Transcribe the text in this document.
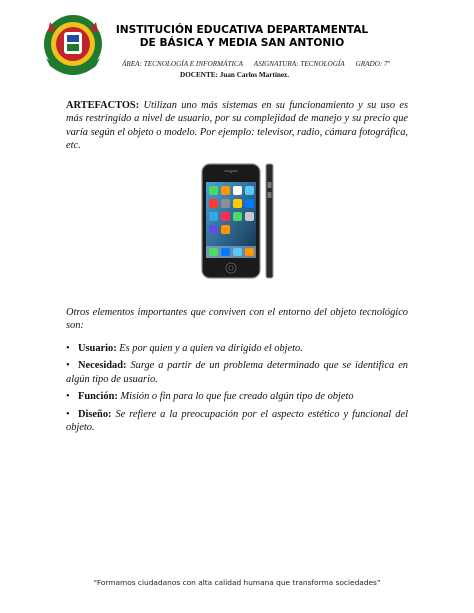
INSTITUCIÓN EDUCATIVA DEPARTAMENTAL
DE BÁSICA Y MEDIA SAN ANTONIO
ÁREA: TECNOLOGÍA E INFORMÁTICA ASIGNATURA: TECNOLOGÍA GRADO: 7º
DOCENTE: Juan Carlos Martínez.
ARTEFACTOS: Utilizan uno más sistemas en su funcionamiento y su uso es más restringido a nivel de usuario, por su complejidad de manejo y su precio que varía según el objeto o modelo. Por ejemplo: televisor, radio, cámara fotográfica, etc.
Otros elementos importantes que conviven con el entorno del objeto tecnológico son:
• Usuario: Es por quien y a quien va dirigido el objeto.
• Necesidad: Surge a partir de un problema determinado que se identifica en algún tipo de usuario.
• Función: Misión o fin para lo que fue creado algún tipo de objeto
• Diseño: Se refiere a la preocupación por el aspecto estético y funcional del objeto.
“Formamos ciudadanos con alta calidad humana que transforma sociedades”
